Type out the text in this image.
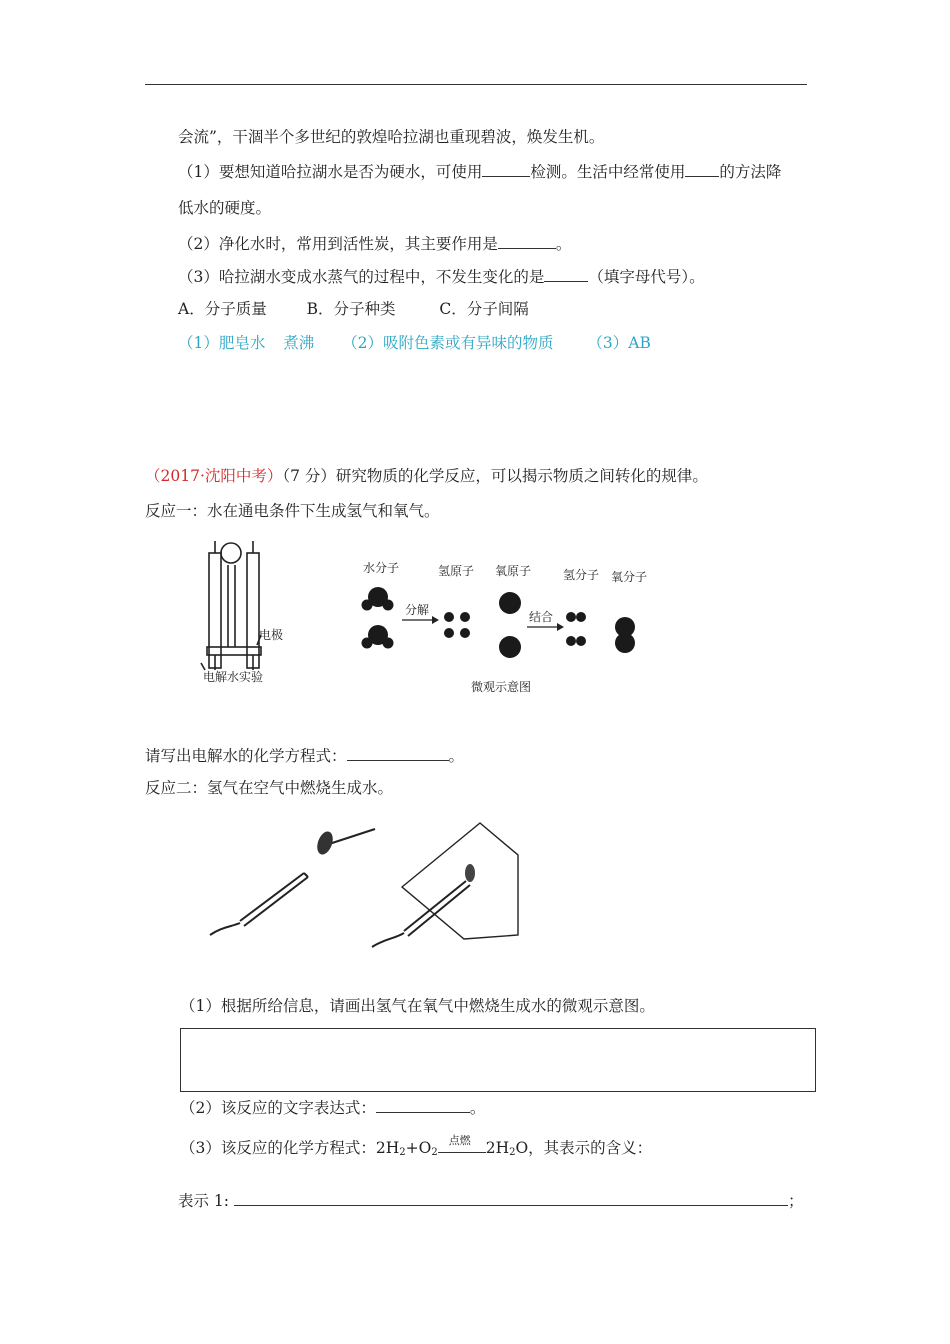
会流”，干涸半个多世纪的敦煌哈拉湖也重现碧波，焕发生机。
（1）要想知道哈拉湖水是否为硬水，可使用	检测。生活中经常使用 的方法降
低水的硬度。
（2）净化水时，常用到活性炭，其主要作用是	。
（3）哈拉湖水变成水蒸气的过程中，不发生变化的是	（填字母代号）。
A．分子质量	B．分子种类	C．分子间隔
（1）肥皂水 煮沸 （2）吸附色素或有异味的物质 （3）AB
（2017·沈阳中考）（7 分）研究物质的化学反应，可以揭示物质之间转化的规律。
反应一：水在通电条件下生成氢气和氧气。
电极
电解水实验
水分子	氢原子 氧原子	氢分子 氧分子
分解	结合
微观示意图
请写出电解水的化学方程式：	。
反应二：氢气在空气中燃烧生成水。
（1）根据所给信息，请画出氢气在氧气中燃烧生成水的微观示意图。
（2）该反应的文字表达式：	。
（3）该反应的化学方程式：$2H_2+O_2$
点燃 $2H_2O$，其表示的含义：
表示 1:	；
